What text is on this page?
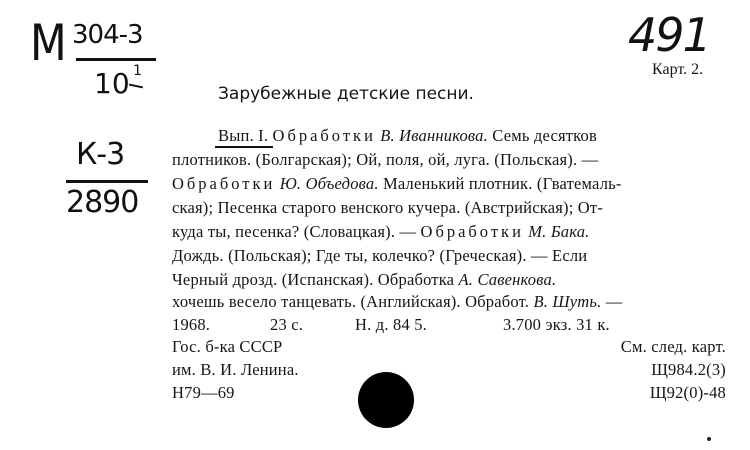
М 304-3
10 1
К-3
2890
491
Карт. 2.
Зарубежные детские песни.
Вып. I. Обработки В. Иванникова. Семь десятков
плотников. (Болгарская); Ой, поля, ой, луга. (Польская). —
Обработки Ю. Объедова. Маленький плотник. (Гватемаль-
ская); Песенка старого венского кучера. (Австрийская); От-
куда ты, песенка? (Словацкая). — Обработки М. Бака.
Дождь. (Польская); Где ты, колечко? (Греческая). — Если
Черный дрозд. (Испанская). Обработка А. Савенкова.
хочешь весело танцевать. (Английская). Обработ. В. Шуть. —
1968.	23 с.	Н. д. 84 5.	3.700 экз. 31 к.
Гос. б-ка СССР
им. В. И. Ленина.
Н79—69
См. след. карт.
Щ984.2(3)
Щ92(0)-48
